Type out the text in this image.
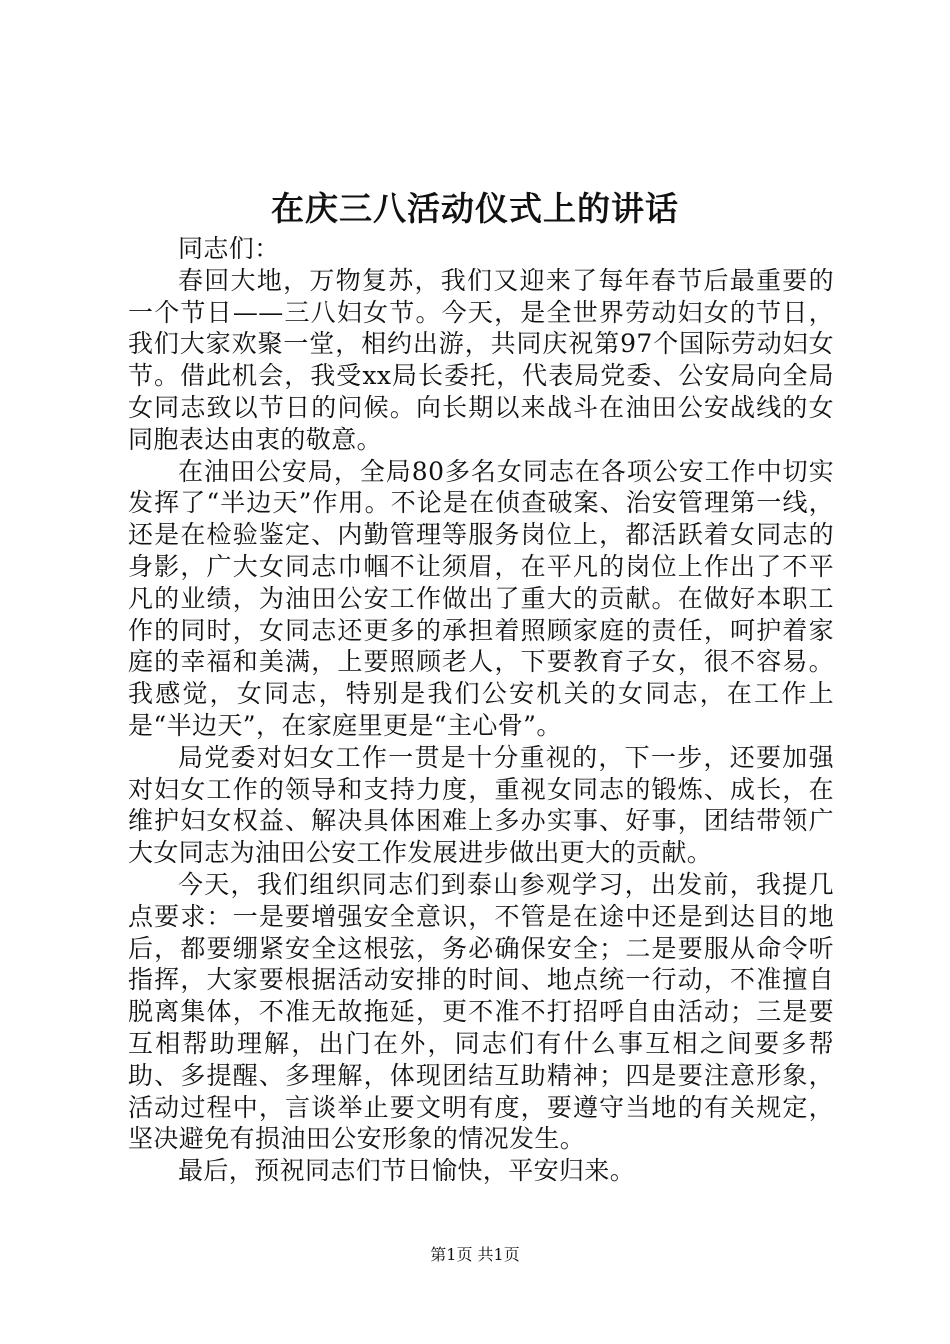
在庆三八活动仪式上的讲话

同志们：

春回大地，万物复苏，我们又迎来了每年春节后最重要的一个节日——三八妇女节。今天，是全世界劳动妇女的节日，我们大家欢聚一堂，相约出游，共同庆祝第97个国际劳动妇女节。借此机会，我受xx局长委托，代表局党委、公安局向全局女同志致以节日的问候。向长期以来战斗在油田公安战线的女同胞表达由衷的敬意。

在油田公安局，全局80多名女同志在各项公安工作中切实发挥了“半边天”作用。不论是在侦查破案、治安管理第一线，还是在检验鉴定、内勤管理等服务岗位上，都活跃着女同志的身影，广大女同志巾帼不让须眉，在平凡的岗位上作出了不平凡的业绩，为油田公安工作做出了重大的贡献。在做好本职工作的同时，女同志还更多的承担着照顾家庭的责任，呵护着家庭的幸福和美满，上要照顾老人，下要教育子女，很不容易。我感觉，女同志，特别是我们公安机关的女同志，在工作上是“半边天”，在家庭里更是“主心骨”。

局党委对妇女工作一贯是十分重视的，下一步，还要加强对妇女工作的领导和支持力度，重视女同志的锻炼、成长，在维护妇女权益、解决具体困难上多办实事、好事，团结带领广大女同志为油田公安工作发展进步做出更大的贡献。

今天，我们组织同志们到泰山参观学习，出发前，我提几点要求：一是要增强安全意识，不管是在途中还是到达目的地后，都要绷紧安全这根弦，务必确保安全；二是要服从命令听指挥，大家要根据活动安排的时间、地点统一行动，不准擅自脱离集体，不准无故拖延，更不准不打招呼自由活动；三是要互相帮助理解，出门在外，同志们有什么事互相之间要多帮助、多提醒、多理解，体现团结互助精神；四是要注意形象，活动过程中，言谈举止要文明有度，要遵守当地的有关规定，坚决避免有损油田公安形象的情况发生。

最后，预祝同志们节日愉快，平安归来。

第1页 共1页
